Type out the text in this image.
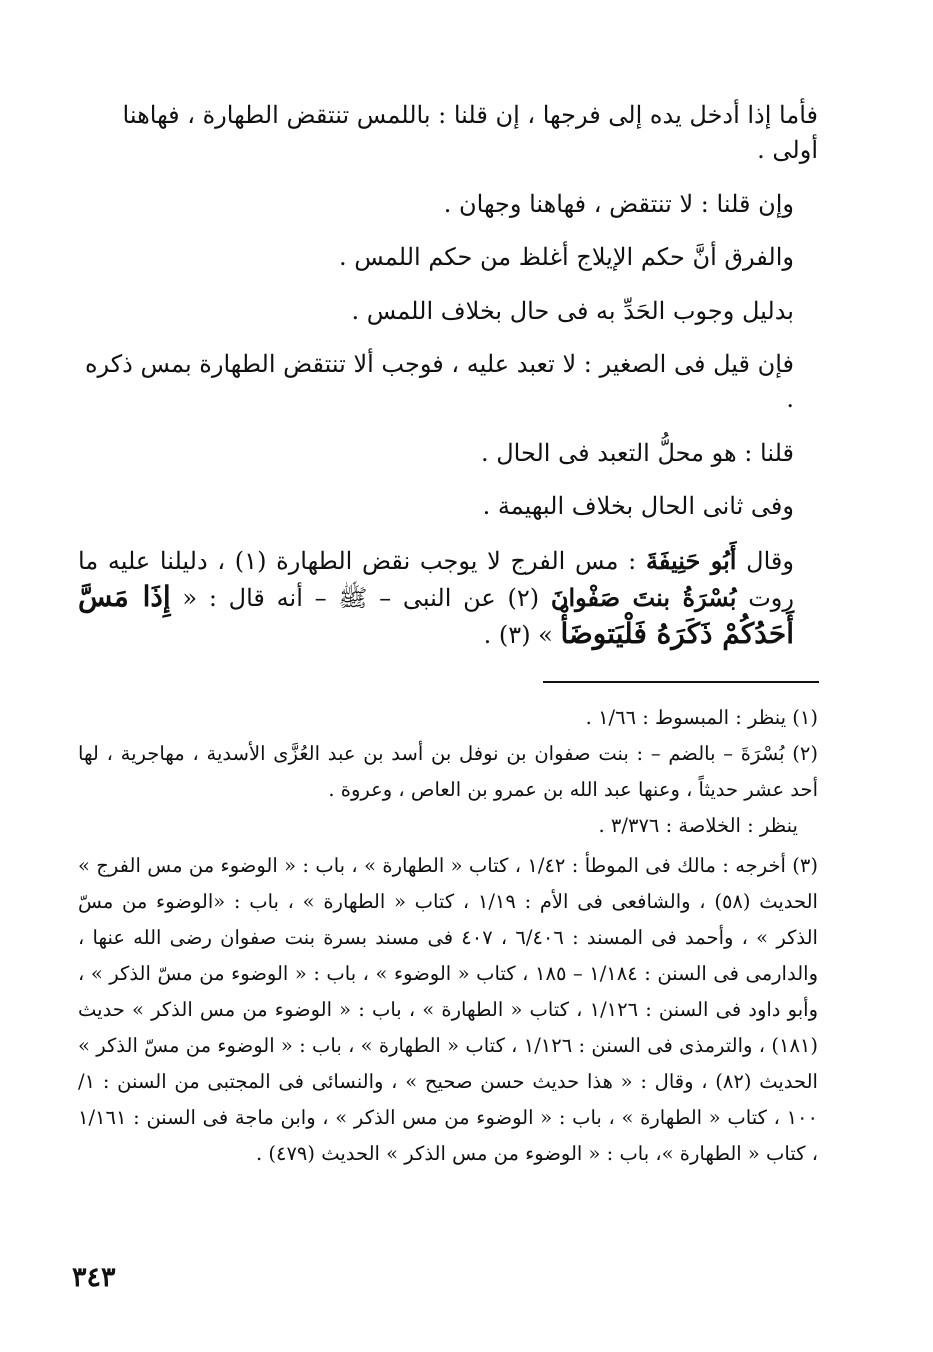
فأما إذا أدخل يده إلى فرجها ، إن قلنا : باللمس تنتقض الطهارة ، فهاهنا أولى .

وإن قلنا : لا تنتقض ، فهاهنا وجهان .

والفرق أنَّ حكم الإيلاج أغلظ من حكم اللمس .

بدليل وجوب الحَدِّ به فى حال بخلاف اللمس .

فإن قيل فى الصغير : لا تعبد عليه ، فوجب ألا تنتقض الطهارة بمس ذكره .

قلنا : هو محلُّ التعبد فى الحال .

وفى ثانى الحال بخلاف البهيمة .

وقال أَبُو حَنِيفَةَ : مس الفرج لا يوجب نقض الطهارة (١) ، دليلنا عليه ما روت بُسْرَةُ بنتَ صَفْوانَ (٢) عن النبى – ﷺ – أنه قال : « إِذَا مَسَّ أَحَدُكُمْ ذَكَرَهُ فَلْيَتوضَأْ » (٣) .

(١) ينظر : المبسوط : ١/٦٦ .

(٢) بُسْرَةَ – بالضم – : بنت صفوان بن نوفل بن أسد بن عبد العُزَّى الأسدية ، مهاجرية ، لها أحد عشر حديثاً ، وعنها عبد الله بن عمرو بن العاص ، وعروة .

ينظر : الخلاصة : ٣/٣٧٦ .

(٣) أخرجه : مالك فى الموطأ : ١/٤٢ ، كتاب « الطهارة » ، باب : « الوضوء من مس الفرج » الحديث (٥٨) ، والشافعى فى الأم : ١/١٩ ، كتاب « الطهارة » ، باب : «الوضوء من مسّ الذكر » ، وأحمد فى المسند : ٦/٤٠٦ ، ٤٠٧ فى مسند بسرة بنت صفوان رضى الله عنها ، والدارمى فى السنن : ١/١٨٤ – ١٨٥ ، كتاب « الوضوء » ، باب : « الوضوء من مسّ الذكر » ، وأبو داود فى السنن : ١/١٢٦ ، كتاب « الطهارة » ، باب : « الوضوء من مس الذكر » حديث (١٨١) ، والترمذى فى السنن : ١/١٢٦ ، كتاب « الطهارة » ، باب : « الوضوء من مسّ الذكر » الحديث (٨٢) ، وقال : « هذا حديث حسن صحيح » ، والنسائى فى المجتبى من السنن : ١/ ١٠٠ ، كتاب « الطهارة » ، باب : « الوضوء من مس الذكر » ، وابن ماجة فى السنن : ١/١٦١ ، كتاب « الطهارة »، باب : « الوضوء من مس الذكر » الحديث (٤٧٩) .

٣٤٣
